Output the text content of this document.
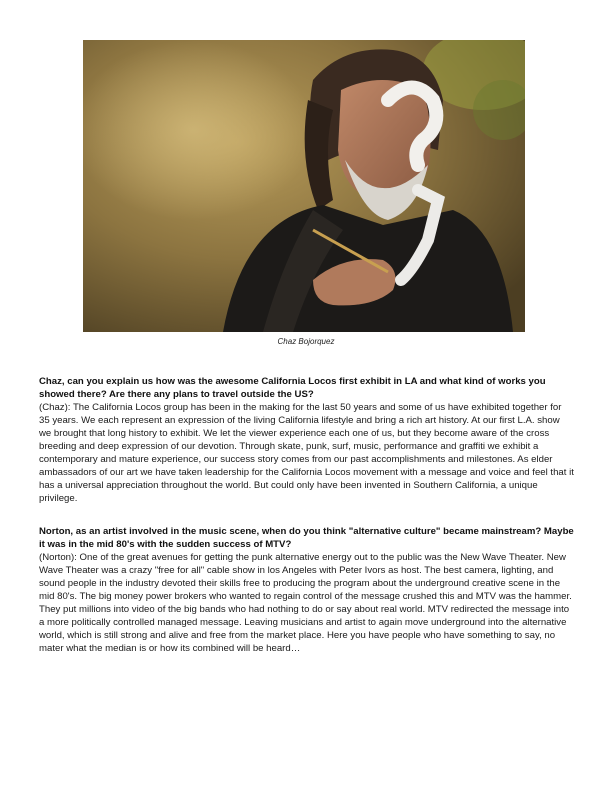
Chaz Bojorquez

Chaz, can you explain us how was the awesome California Locos first exhibit in LA and what kind of works you showed there? Are there any plans to travel outside the US?

(Chaz): The California Locos group has been in the making for the last 50 years and some of us have exhibited together for 35 years. We each represent an expression of the living California lifestyle and bring a rich art history. At our first L.A. show we brought that long history to exhibit. We let the viewer experience each one of us, but they become aware of the cross breeding and deep expression of our devotion. Through skate, punk, surf, music, performance and graffiti we exhibit a contemporary and mature experience, our success story comes from our past accomplishments and milestones. As elder ambassadors of our art we have taken leadership for the California Locos movement with a message and voice and feel that it has a universal appreciation throughout the world. But could only have been invented in Southern California, a unique privilege.

Norton, as an artist involved in the music scene, when do you think "alternative culture" became mainstream? Maybe it was in the mid 80's with the sudden success of MTV?

(Norton): One of the great avenues for getting the punk alternative energy out to the public was the New Wave Theater. New Wave Theater was a crazy "free for all" cable show in los Angeles with Peter Ivors as host. The best camera, lighting, and sound people in the industry devoted their skills free to producing the program about the underground creative scene in the mid 80's. The big money power brokers who wanted to regain control of the message crushed this and MTV was the hammer. They put millions into video of the big bands who had nothing to do or say about real world. MTV redirected the message into a more politically controlled managed message. Leaving musicians and artist to again move underground into the alternative world, which is still strong and alive and free from the market place. Here you have people who have something to say, no mater what the median is or how its combined will be heard…
